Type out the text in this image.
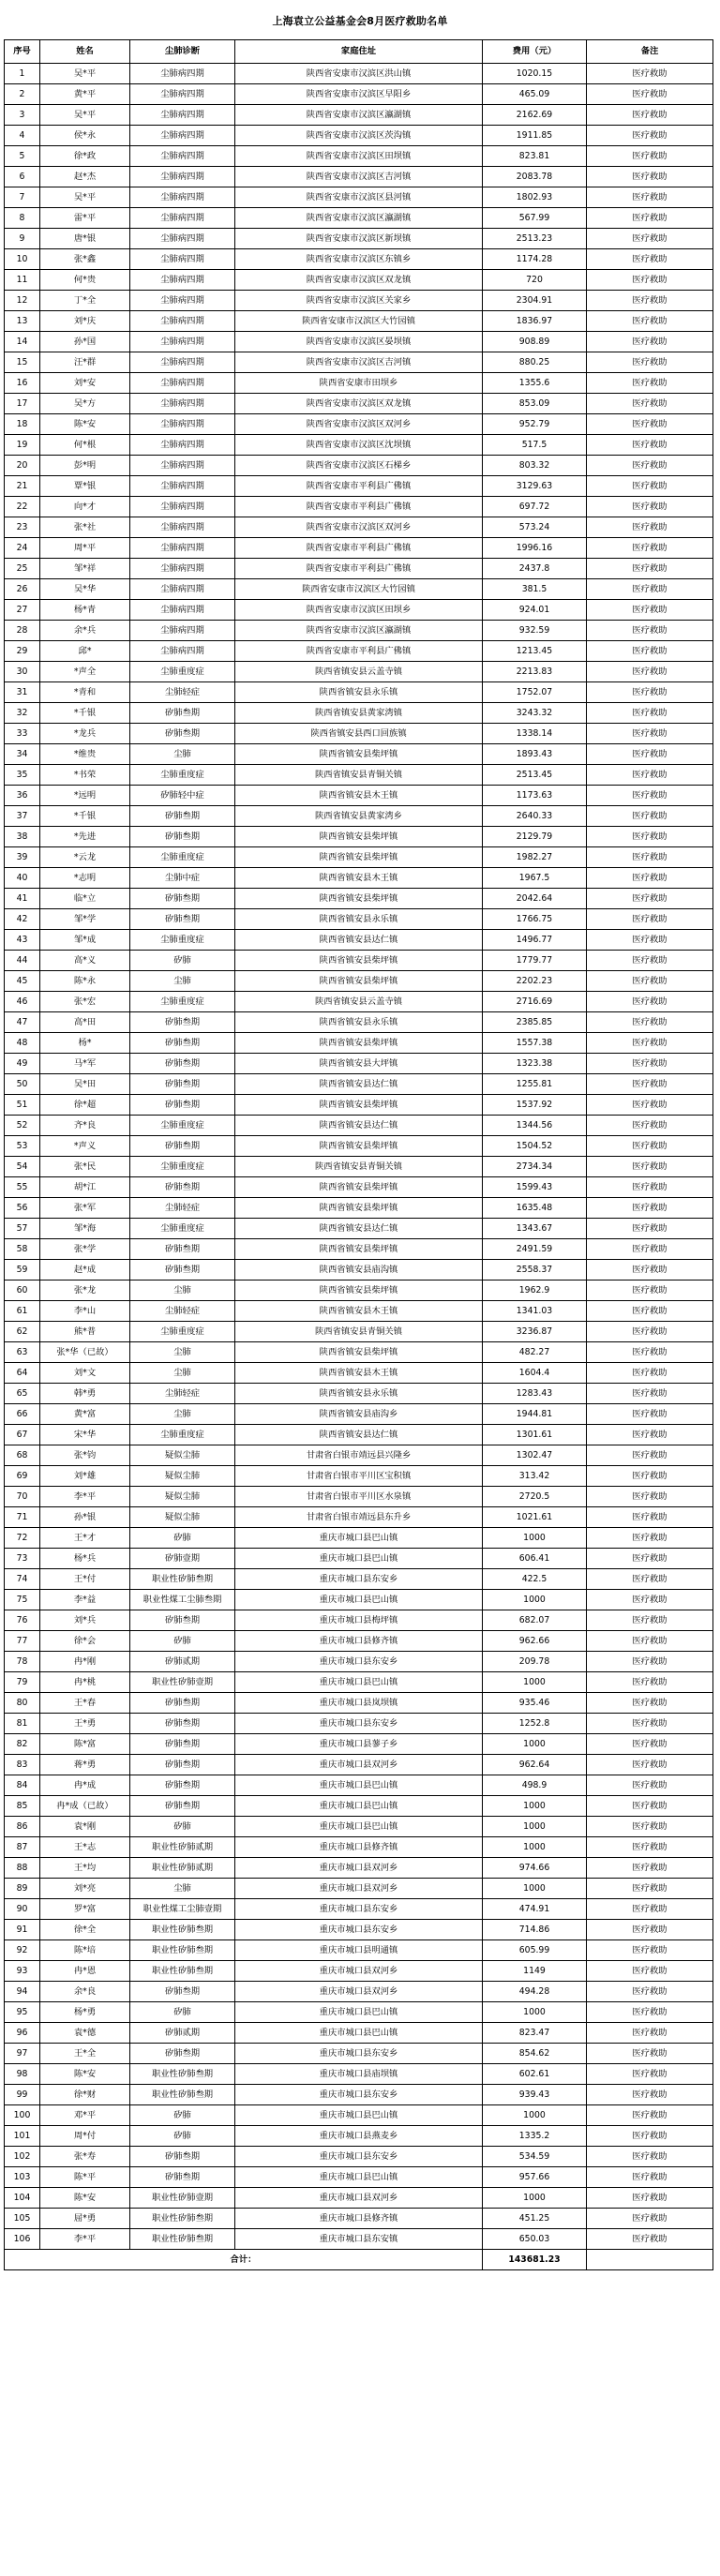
上海袁立公益基金会8月医疗救助名单
序号	姓名	尘肺诊断	家庭住址	费用（元）	备注
1	吴*平	尘肺病四期	陕西省安康市汉滨区洪山镇	1020.15	医疗救助
2	黄*平	尘肺病四期	陕西省安康市汉滨区早阳乡	465.09	医疗救助
3	吴*平	尘肺病四期	陕西省安康市汉滨区瀛湖镇	2162.69	医疗救助
4	侯*永	尘肺病四期	陕西省安康市汉滨区茨沟镇	1911.85	医疗救助
5	徐*政	尘肺病四期	陕西省安康市汉滨区田坝镇	823.81	医疗救助
6	赵*杰	尘肺病四期	陕西省安康市汉滨区吉河镇	2083.78	医疗救助
7	吴*平	尘肺病四期	陕西省安康市汉滨区县河镇	1802.93	医疗救助
8	雷*平	尘肺病四期	陕西省安康市汉滨区瀛湖镇	567.99	医疗救助
9	唐*银	尘肺病四期	陕西省安康市汉滨区新坝镇	2513.23	医疗救助
10	张*鑫	尘肺病四期	陕西省安康市汉滨区东镇乡	1174.28	医疗救助
11	何*贵	尘肺病四期	陕西省安康市汉滨区双龙镇	720	医疗救助
12	丁*全	尘肺病四期	陕西省安康市汉滨区关家乡	2304.91	医疗救助
13	刘*庆	尘肺病四期	陕西省安康市汉滨区大竹园镇	1836.97	医疗救助
14	孙*国	尘肺病四期	陕西省安康市汉滨区晏坝镇	908.89	医疗救助
15	汪*群	尘肺病四期	陕西省安康市汉滨区吉河镇	880.25	医疗救助
16	刘*安	尘肺病四期	陕西省安康市田坝乡	1355.6	医疗救助
17	吴*方	尘肺病四期	陕西省安康市汉滨区双龙镇	853.09	医疗救助
18	陈*安	尘肺病四期	陕西省安康市汉滨区双河乡	952.79	医疗救助
19	何*根	尘肺病四期	陕西省安康市汉滨区沈坝镇	517.5	医疗救助
20	彭*明	尘肺病四期	陕西省安康市汉滨区石梯乡	803.32	医疗救助
21	覃*银	尘肺病四期	陕西省安康市平利县广佛镇	3129.63	医疗救助
22	向*才	尘肺病四期	陕西省安康市平利县广佛镇	697.72	医疗救助
23	张*社	尘肺病四期	陕西省安康市汉滨区双河乡	573.24	医疗救助
24	周*平	尘肺病四期	陕西省安康市平利县广佛镇	1996.16	医疗救助
25	邹*祥	尘肺病四期	陕西省安康市平利县广佛镇	2437.8	医疗救助
26	吴*华	尘肺病四期	陕西省安康市汉滨区大竹园镇	381.5	医疗救助
27	杨*青	尘肺病四期	陕西省安康市汉滨区田坝乡	924.01	医疗救助
28	余*兵	尘肺病四期	陕西省安康市汉滨区瀛湖镇	932.59	医疗救助
29	邱*	尘肺病四期	陕西省安康市平利县广佛镇	1213.45	医疗救助
30	*声全	尘肺重度症	陕西省镇安县云盖寺镇	2213.83	医疗救助
31	*青和	尘肺轻症	陕西省镇安县永乐镇	1752.07	医疗救助
32	*千银	矽肺叁期	陕西省镇安县黄家湾镇	3243.32	医疗救助
33	*龙兵	矽肺叁期	陕西省镇安县西口回族镇	1338.14	医疗救助
34	*维贵	尘肺	陕西省镇安县柴坪镇	1893.43	医疗救助
35	*书荣	尘肺重度症	陕西省镇安县青铜关镇	2513.45	医疗救助
36	*远明	矽肺轻中症	陕西省镇安县木王镇	1173.63	医疗救助
37	*千银	矽肺叁期	陕西省镇安县黄家湾乡	2640.33	医疗救助
38	*先进	矽肺叁期	陕西省镇安县柴坪镇	2129.79	医疗救助
39	*云龙	尘肺重度症	陕西省镇安县柴坪镇	1982.27	医疗救助
40	*志明	尘肺中症	陕西省镇安县木王镇	1967.5	医疗救助
41	临*立	矽肺叁期	陕西省镇安县柴坪镇	2042.64	医疗救助
42	邹*学	矽肺叁期	陕西省镇安县永乐镇	1766.75	医疗救助
43	邹*成	尘肺重度症	陕西省镇安县达仁镇	1496.77	医疗救助
44	高*义	矽肺	陕西省镇安县柴坪镇	1779.77	医疗救助
45	陈*永	尘肺	陕西省镇安县柴坪镇	2202.23	医疗救助
46	张*宏	尘肺重度症	陕西省镇安县云盖寺镇	2716.69	医疗救助
47	高*田	矽肺叁期	陕西省镇安县永乐镇	2385.85	医疗救助
48	杨*	矽肺叁期	陕西省镇安县柴坪镇	1557.38	医疗救助
49	马*军	矽肺叁期	陕西省镇安县大坪镇	1323.38	医疗救助
50	吴*田	矽肺叁期	陕西省镇安县达仁镇	1255.81	医疗救助
51	徐*超	矽肺叁期	陕西省镇安县柴坪镇	1537.92	医疗救助
52	齐*良	尘肺重度症	陕西省镇安县达仁镇	1344.56	医疗救助
53	*声义	矽肺叁期	陕西省镇安县柴坪镇	1504.52	医疗救助
54	张*民	尘肺重度症	陕西省镇安县青铜关镇	2734.34	医疗救助
55	胡*江	矽肺叁期	陕西省镇安县柴坪镇	1599.43	医疗救助
56	张*军	尘肺轻症	陕西省镇安县柴坪镇	1635.48	医疗救助
57	邹*海	尘肺重度症	陕西省镇安县达仁镇	1343.67	医疗救助
58	张*学	矽肺叁期	陕西省镇安县柴坪镇	2491.59	医疗救助
59	赵*成	矽肺叁期	陕西省镇安县庙沟镇	2558.37	医疗救助
60	张*龙	尘肺	陕西省镇安县柴坪镇	1962.9	医疗救助
61	李*山	尘肺轻症	陕西省镇安县木王镇	1341.03	医疗救助
62	熊*普	尘肺重度症	陕西省镇安县青铜关镇	3236.87	医疗救助
63	张*华（已故）	尘肺	陕西省镇安县柴坪镇	482.27	医疗救助
64	刘*文	尘肺	陕西省镇安县木王镇	1604.4	医疗救助
65	韩*勇	尘肺轻症	陕西省镇安县永乐镇	1283.43	医疗救助
66	黄*富	尘肺	陕西省镇安县庙沟乡	1944.81	医疗救助
67	宋*华	尘肺重度症	陕西省镇安县达仁镇	1301.61	医疗救助
68	张*钧	疑似尘肺	甘肃省白银市靖远县兴隆乡	1302.47	医疗救助
69	刘*雄	疑似尘肺	甘肃省白银市平川区宝积镇	313.42	医疗救助
70	李*平	疑似尘肺	甘肃省白银市平川区水泉镇	2720.5	医疗救助
71	孙*银	疑似尘肺	甘肃省白银市靖远县东升乡	1021.61	医疗救助
72	王*才	矽肺	重庆市城口县巴山镇	1000	医疗救助
73	杨*兵	矽肺壹期	重庆市城口县巴山镇	606.41	医疗救助
74	王*付	职业性矽肺叁期	重庆市城口县东安乡	422.5	医疗救助
75	李*益	职业性煤工尘肺叁期	重庆市城口县巴山镇	1000	医疗救助
76	刘*兵	矽肺叁期	重庆市城口县梅坪镇	682.07	医疗救助
77	徐*会	矽肺	重庆市城口县修齐镇	962.66	医疗救助
78	冉*刚	矽肺贰期	重庆市城口县东安乡	209.78	医疗救助
79	冉*桃	职业性矽肺壹期	重庆市城口县巴山镇	1000	医疗救助
80	王*春	矽肺叁期	重庆市城口县岚坝镇	935.46	医疗救助
81	王*勇	矽肺叁期	重庆市城口县东安乡	1252.8	医疗救助
82	陈*富	矽肺叁期	重庆市城口县蓼子乡	1000	医疗救助
83	蒋*勇	矽肺叁期	重庆市城口县双河乡	962.64	医疗救助
84	冉*成	矽肺叁期	重庆市城口县巴山镇	498.9	医疗救助
85	冉*成（已故）	矽肺叁期	重庆市城口县巴山镇	1000	医疗救助
86	袁*刚	矽肺	重庆市城口县巴山镇	1000	医疗救助
87	王*志	职业性矽肺贰期	重庆市城口县修齐镇	1000	医疗救助
88	王*均	职业性矽肺贰期	重庆市城口县双河乡	974.66	医疗救助
89	刘*亮	尘肺	重庆市城口县双河乡	1000	医疗救助
90	罗*富	职业性煤工尘肺壹期	重庆市城口县东安乡	474.91	医疗救助
91	徐*全	职业性矽肺叁期	重庆市城口县东安乡	714.86	医疗救助
92	陈*培	职业性矽肺叁期	重庆市城口县明通镇	605.99	医疗救助
93	冉*恩	职业性矽肺叁期	重庆市城口县双河乡	1149	医疗救助
94	余*良	矽肺叁期	重庆市城口县双河乡	494.28	医疗救助
95	杨*勇	矽肺	重庆市城口县巴山镇	1000	医疗救助
96	袁*德	矽肺贰期	重庆市城口县巴山镇	823.47	医疗救助
97	王*全	矽肺叁期	重庆市城口县东安乡	854.62	医疗救助
98	陈*安	职业性矽肺叁期	重庆市城口县庙坝镇	602.61	医疗救助
99	徐*财	职业性矽肺叁期	重庆市城口县东安乡	939.43	医疗救助
100	邓*平	矽肺	重庆市城口县巴山镇	1000	医疗救助
101	周*付	矽肺	重庆市城口县燕麦乡	1335.2	医疗救助
102	张*寿	矽肺叁期	重庆市城口县东安乡	534.59	医疗救助
103	陈*平	矽肺叁期	重庆市城口县巴山镇	957.66	医疗救助
104	陈*安	职业性矽肺壹期	重庆市城口县双河乡	1000	医疗救助
105	屈*勇	职业性矽肺叁期	重庆市城口县修齐镇	451.25	医疗救助
106	李*平	职业性矽肺叁期	重庆市城口县东安镇	650.03	医疗救助
合计：				143681.23	
